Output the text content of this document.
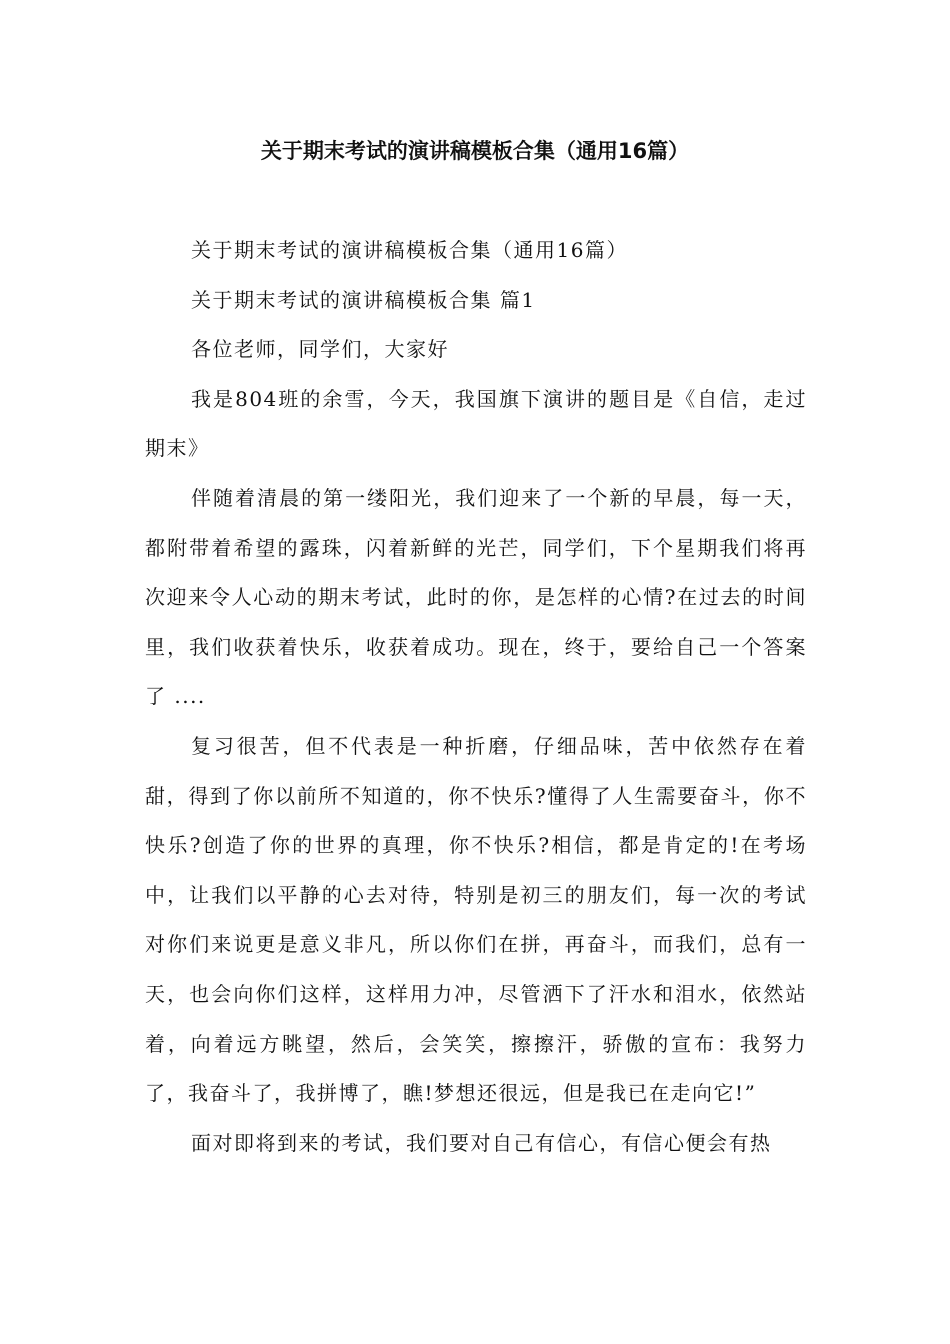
关于期末考试的演讲稿模板合集（通用16篇）

关于期末考试的演讲稿模板合集（通用16篇）

关于期末考试的演讲稿模板合集 篇1

各位老师，同学们，大家好

我是804班的余雪，今天，我国旗下演讲的题目是《自信，走过期末》

伴随着清晨的第一缕阳光，我们迎来了一个新的早晨，每一天，都附带着希望的露珠，闪着新鲜的光芒，同学们，下个星期我们将再次迎来令人心动的期末考试，此时的你，是怎样的心情?在过去的时间里，我们收获着快乐，收获着成功。现在，终于，要给自己一个答案了 ....

复习很苦，但不代表是一种折磨，仔细品味，苦中依然存在着甜，得到了你以前所不知道的，你不快乐?懂得了人生需要奋斗，你不快乐?创造了你的世界的真理，你不快乐?相信，都是肯定的!在考场中，让我们以平静的心去对待，特别是初三的朋友们，每一次的考试对你们来说更是意义非凡，所以你们在拼，再奋斗，而我们，总有一天，也会向你们这样，这样用力冲，尽管洒下了汗水和泪水，依然站着，向着远方眺望，然后，会笑笑，擦擦汗，骄傲的宣布：我努力了，我奋斗了，我拼博了，瞧!梦想还很远，但是我已在走向它!”

面对即将到来的考试，我们要对自己有信心，有信心便会有热
